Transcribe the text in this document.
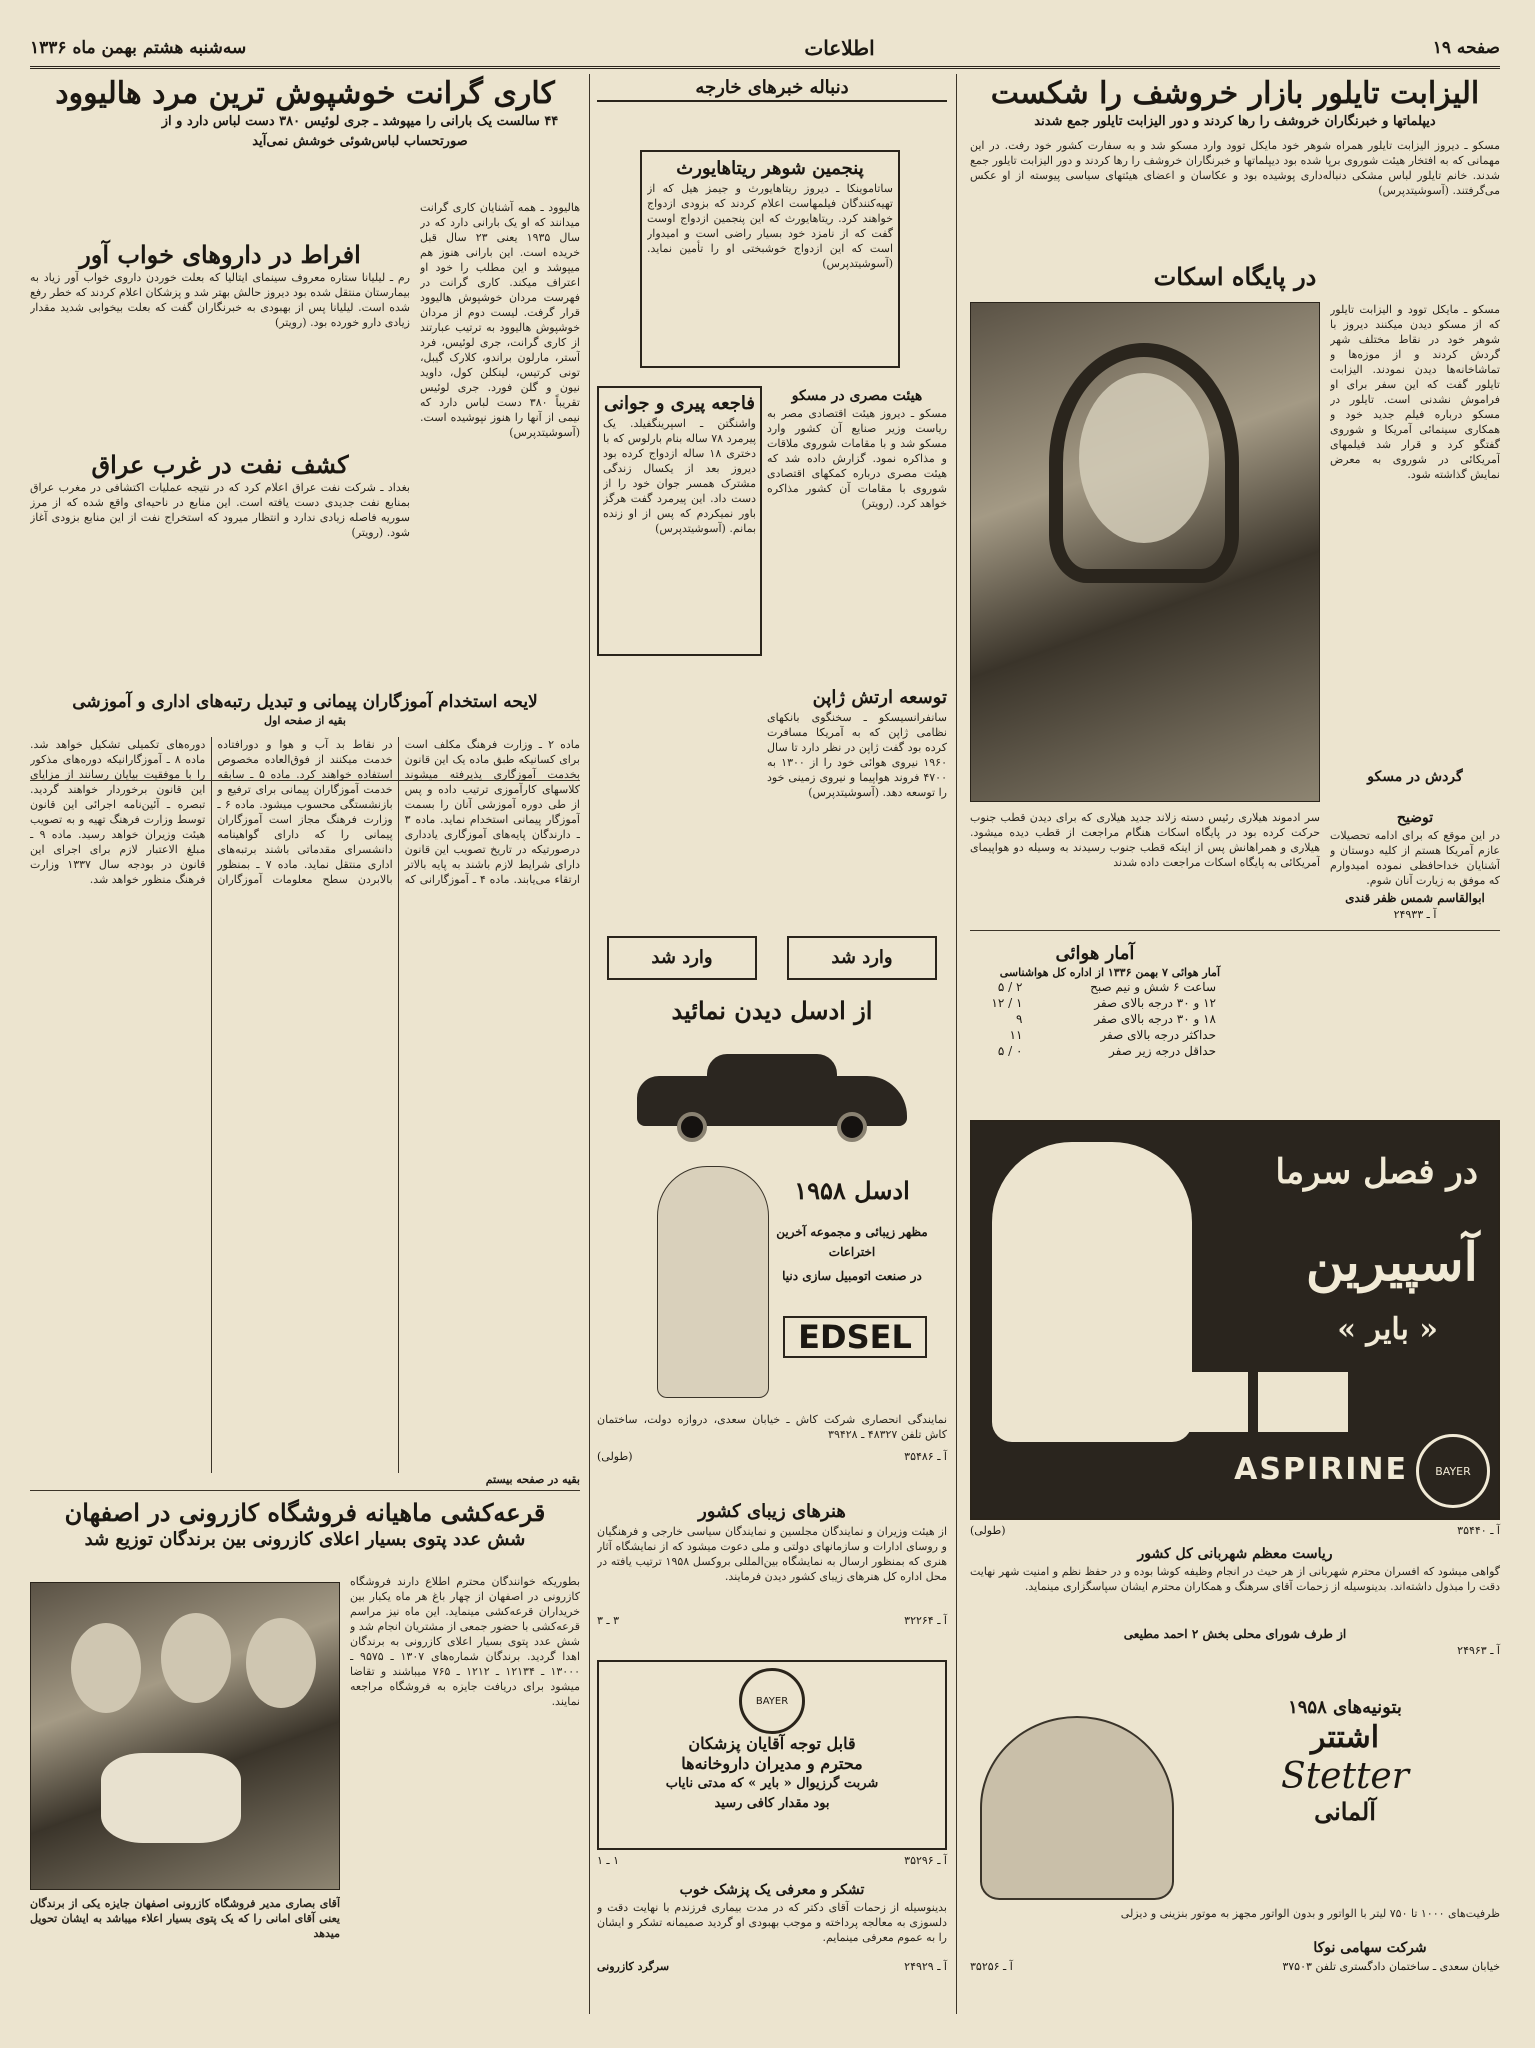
صفحه ۱۹
اطلاعات
سه‌شنبه هشتم بهمن ماه ۱۳۳۶
الیزابت تایلور بازار خروشف را شکست
دیپلماتها و خبرنگاران خروشف را رها کردند و دور الیزابت تایلور جمع شدند
مسکو ـ دیروز الیزابت تایلور همراه شوهر خود مایکل توود وارد مسکو شد و به سفارت کشور خود رفت. در این مهمانی که به افتخار هیئت شوروی برپا شده بود دیپلماتها و خبرنگاران خروشف را رها کردند و دور الیزابت تایلور جمع شدند. خانم تایلور لباس مشکی دنباله‌داری پوشیده بود و عکاسان و اعضای هیئتهای سیاسی پیوسته از او عکس می‌گرفتند. (آسوشیتدپرس)
در پایگاه اسکات
مسکو ـ مایکل توود و الیزابت تایلور که از مسکو دیدن میکنند دیروز با شوهر خود در نقاط مختلف شهر گردش کردند و از موزه‌ها و تماشاخانه‌ها دیدن نمودند. الیزابت تایلور گفت که این سفر برای او فراموش نشدنی است. تایلور در مسکو درباره فیلم جدید خود و همکاری سینمائی آمریکا و شوروی گفتگو کرد و قرار شد فیلمهای آمریکائی در شوروی به معرض نمایش گذاشته شود.
گردش در مسکو
سر ادموند هیلاری رئیس دسته زلاند جدید هیلاری که برای دیدن قطب جنوب حرکت کرده بود در پایگاه اسکات هنگام مراجعت از قطب دیده میشود. هیلاری و همراهانش پس از اینکه قطب جنوب رسیدند به وسیله دو هواپیمای آمریکائی به پایگاه اسکات مراجعت داده شدند
توضیح
در این موقع که برای ادامه تحصیلات عازم آمریکا هستم از کلیه دوستان و آشنایان خداحافظی نموده امیدوارم که موفق به زیارت آنان شوم.
ابوالقاسم شمس ظفر قندی
آ ـ ۲۴۹۳۳
آمار هوائی
آمار هوائی ۷ بهمن ۱۳۳۶ از اداره کل هواشناسی
ساعت ۶ شش و نیم صبح	۲ / ۵
۱۲ و ۳۰ درجه بالای صفر	۱ / ۱۲
۱۸ و ۳۰ درجه بالای صفر	۹
حداکثر درجه بالای صفر	۱۱
حداقل درجه زیر صفر	۰ / ۵
در فصل سرما
آسپیرین
« بایر »
ASPIRINE BAYER
آ ـ ۳۵۴۴۰
(طولی)
ریاست معظم شهربانی کل کشور
گواهی میشود که افسران محترم شهربانی از هر حیث در انجام وظیفه کوشا بوده و در حفظ نظم و امنیت شهر نهایت دقت را مبذول داشته‌اند. بدینوسیله از زحمات آقای سرهنگ و همکاران محترم ایشان سپاسگزاری مینماید.
از طرف شورای محلی بخش ۲ احمد مطیعی
آ ـ ۲۴۹۶۳
بتونیه‌های ۱۹۵۸
اشتتر
Stetter
آلمانی
ظرفیت‌های ۱۰۰۰ تا ۷۵۰ لیتر با الواتور و بدون الواتور مجهز به موتور بنزینی و دیزلی
شرکت سهامی نوکا
خیابان سعدی ـ ساختمان دادگستری تلفن ۳۷۵۰۳
آ ـ ۳۵۲۵۶
دنباله خبرهای خارجه
پنجمین شوهر ریتاهایورث
ساتاموینکا ـ دیروز ریتاهایورث و جیمز هیل که از تهیه‌کنندگان فیلمهاست اعلام کردند که بزودی ازدواج خواهند کرد. ریتاهایورث که این پنجمین ازدواج اوست گفت که از نامزد خود بسیار راضی است و امیدوار است که این ازدواج خوشبختی او را تأمین نماید. (آسوشیتدپرس)
هیئت مصری در مسکو
مسکو ـ دیروز هیئت اقتصادی مصر به ریاست وزیر صنایع آن کشور وارد مسکو شد و با مقامات شوروی ملاقات و مذاکره نمود. گزارش داده شد که هیئت مصری درباره کمکهای اقتصادی شوروی با مقامات آن کشور مذاکره خواهد کرد. (رویتر)
فاجعه پیری و جوانی
واشنگتن ـ اسپرینگفیلد. یک پیرمرد ۷۸ ساله بنام بارلوس که با دختری ۱۸ ساله ازدواج کرده بود دیروز بعد از یکسال زندگی مشترک همسر جوان خود را از دست داد. این پیرمرد گفت هرگز باور نمیکردم که پس از او زنده بمانم. (آسوشیتدپرس)
توسعه ارتش ژاپن
سانفرانسیسکو ـ سخنگوی بانکهای نظامی ژاپن که به آمریکا مسافرت کرده بود گفت ژاپن در نظر دارد تا سال ۱۹۶۰ نیروی هوائی خود را از ۱۳۰۰ به ۴۷۰۰ فروند هواپیما و نیروی زمینی خود را توسعه دهد. (آسوشیتدپرس)
وارد شد
وارد شد
از ادسل دیدن نمائید
ادسل ۱۹۵۸
مظهر زیبائی و مجموعه آخرین اختراعات
در صنعت اتومبیل سازی دنیا
EDSEL
نمایندگی انحصاری شرکت کاش ـ خیابان سعدی، دروازه دولت، ساختمان کاش تلفن ۴۸۳۲۷ ـ ۳۹۴۲۸
آ ـ ۳۵۴۸۶
(طولی)
هنرهای زیبای کشور
از هیئت وزیران و نمایندگان مجلسین و نمایندگان سیاسی خارجی و فرهنگیان و روسای ادارات و سازمانهای دولتی و ملی دعوت میشود که از نمایشگاه آثار هنری که بمنظور ارسال به نمایشگاه بین‌المللی بروکسل ۱۹۵۸ ترتیب یافته در محل اداره کل هنرهای زیبای کشور دیدن فرمایند.
آ ـ ۳۲۲۶۴
۳ ـ ۳
BAYER
قابل توجه آقایان پزشکان
محترم و مدیران داروخانه‌ها
شربت گرزیوال « بایر » که مدتی نایاب
بود مقدار کافی رسید
آ ـ ۳۵۲۹۶
۱ ـ ۱
تشکر و معرفی یک پزشک خوب
بدینوسیله از زحمات آقای دکتر که در مدت بیماری فرزندم با نهایت دقت و دلسوزی به معالجه پرداخته و موجب بهبودی او گردید صمیمانه تشکر و ایشان را به عموم معرفی مینمایم.
آ ـ ۲۴۹۲۹
سرگرد کازرونی
کاری گرانت خوشپوش ترین مرد هالیوود
۴۴ سالست یک بارانی را میپوشد ـ جری لوئیس ۳۸۰ دست لباس دارد و از صورتحساب لباس‌شوئی خوشش نمی‌آید
هالیوود ـ همه آشنایان کاری گرانت میدانند که او یک بارانی دارد که در سال ۱۹۳۵ یعنی ۲۳ سال قبل خریده است. این بارانی هنوز هم میپوشد و این مطلب را خود او اعتراف میکند. کاری گرانت در فهرست مردان خوشپوش هالیوود قرار گرفت. لیست دوم از مردان خوشپوش هالیوود به ترتیب عبارتند از کاری گرانت، جری لوئیس، فرد آستر، مارلون براندو، کلارک گیبل، تونی کرتیس، لینکلن کول، داوید نیون و گلن فورد. جری لوئیس تقریباً ۳۸۰ دست لباس دارد که نیمی از آنها را هنوز نپوشیده است. (آسوشیتدپرس)
افراط در داروهای خواب آور
رم ـ لیلیانا ستاره معروف سینمای ایتالیا که بعلت خوردن داروی خواب آور زیاد به بیمارستان منتقل شده بود دیروز حالش بهتر شد و پزشکان اعلام کردند که خطر رفع شده است. لیلیانا پس از بهبودی به خبرنگاران گفت که بعلت بیخوابی شدید مقدار زیادی دارو خورده بود. (رویتر)
کشف نفت در غرب عراق
بغداد ـ شرکت نفت عراق اعلام کرد که در نتیجه عملیات اکتشافی در مغرب عراق بمنابع نفت جدیدی دست یافته است. این منابع در ناحیه‌ای واقع شده که از مرز سوریه فاصله زیادی ندارد و انتظار میرود که استخراج نفت از این منابع بزودی آغاز شود. (رویتر)
لایحه استخدام آموزگاران پیمانی و تبدیل رتبه‌های اداری و آموزشی
بقیه از صفحه اول
ماده ۲ ـ وزارت فرهنگ مکلف است برای کسانیکه طبق ماده یک این قانون بخدمت آموزگاری پذیرفته میشوند کلاسهای کارآموزی ترتیب داده و پس از طی دوره آموزشی آنان را بسمت آموزگار پیمانی استخدام نماید. ماده ۳ ـ دارندگان پایه‌های آموزگاری یادداری درصورتیکه در تاریخ تصویب این قانون دارای شرایط لازم باشند به پایه بالاتر ارتقاء می‌یابند. ماده ۴ ـ آموزگارانی که در نقاط بد آب و هوا و دورافتاده خدمت میکنند از فوق‌العاده مخصوص استفاده خواهند کرد. ماده ۵ ـ سابقه خدمت آموزگاران پیمانی برای ترفیع و بازنشستگی محسوب میشود. ماده ۶ ـ وزارت فرهنگ مجاز است آموزگاران پیمانی را که دارای گواهینامه دانشسرای مقدماتی باشند برتبه‌های اداری منتقل نماید. ماده ۷ ـ بمنظور بالابردن سطح معلومات آموزگاران دوره‌های تکمیلی تشکیل خواهد شد. ماده ۸ ـ آموزگارانیکه دوره‌های مذکور را با موفقیت بپایان رسانند از مزایای این قانون برخوردار خواهند گردید. تبصره ـ آئین‌نامه اجرائی این قانون توسط وزارت فرهنگ تهیه و به تصویب هیئت وزیران خواهد رسید. ماده ۹ ـ مبلغ الاعتبار لازم برای اجرای این قانون در بودجه سال ۱۳۳۷ وزارت فرهنگ منظور خواهد شد.
بقیه در صفحه بیستم
قرعه‌کشی ماهیانه فروشگاه کازرونی در اصفهان
شش عدد پتوی بسیار اعلای کازرونی بین برندگان توزیع شد
بطوریکه خوانندگان محترم اطلاع دارند فروشگاه کازرونی در اصفهان از چهار باغ هر ماه یکبار بین خریداران قرعه‌کشی مینماید. این ماه نیز مراسم قرعه‌کشی با حضور جمعی از مشتریان انجام شد و شش عدد پتوی بسیار اعلای کازرونی به برندگان اهدا گردید. برندگان شماره‌های ۱۳۰۷ ـ ۹۵۷۵ ـ ۱۳۰۰۰ ـ ۱۲۱۳۴ ـ ۱۲۱۲ ـ ۷۶۵ میباشند و تقاضا میشود برای دریافت جایزه به فروشگاه مراجعه نمایند.
آقای بصاری مدیر فروشگاه کازرونی اصفهان جایزه یکی از برندگان یعنی آقای امانی را که یک پتوی بسیار اعلاء میباشد به ایشان تحویل میدهد
